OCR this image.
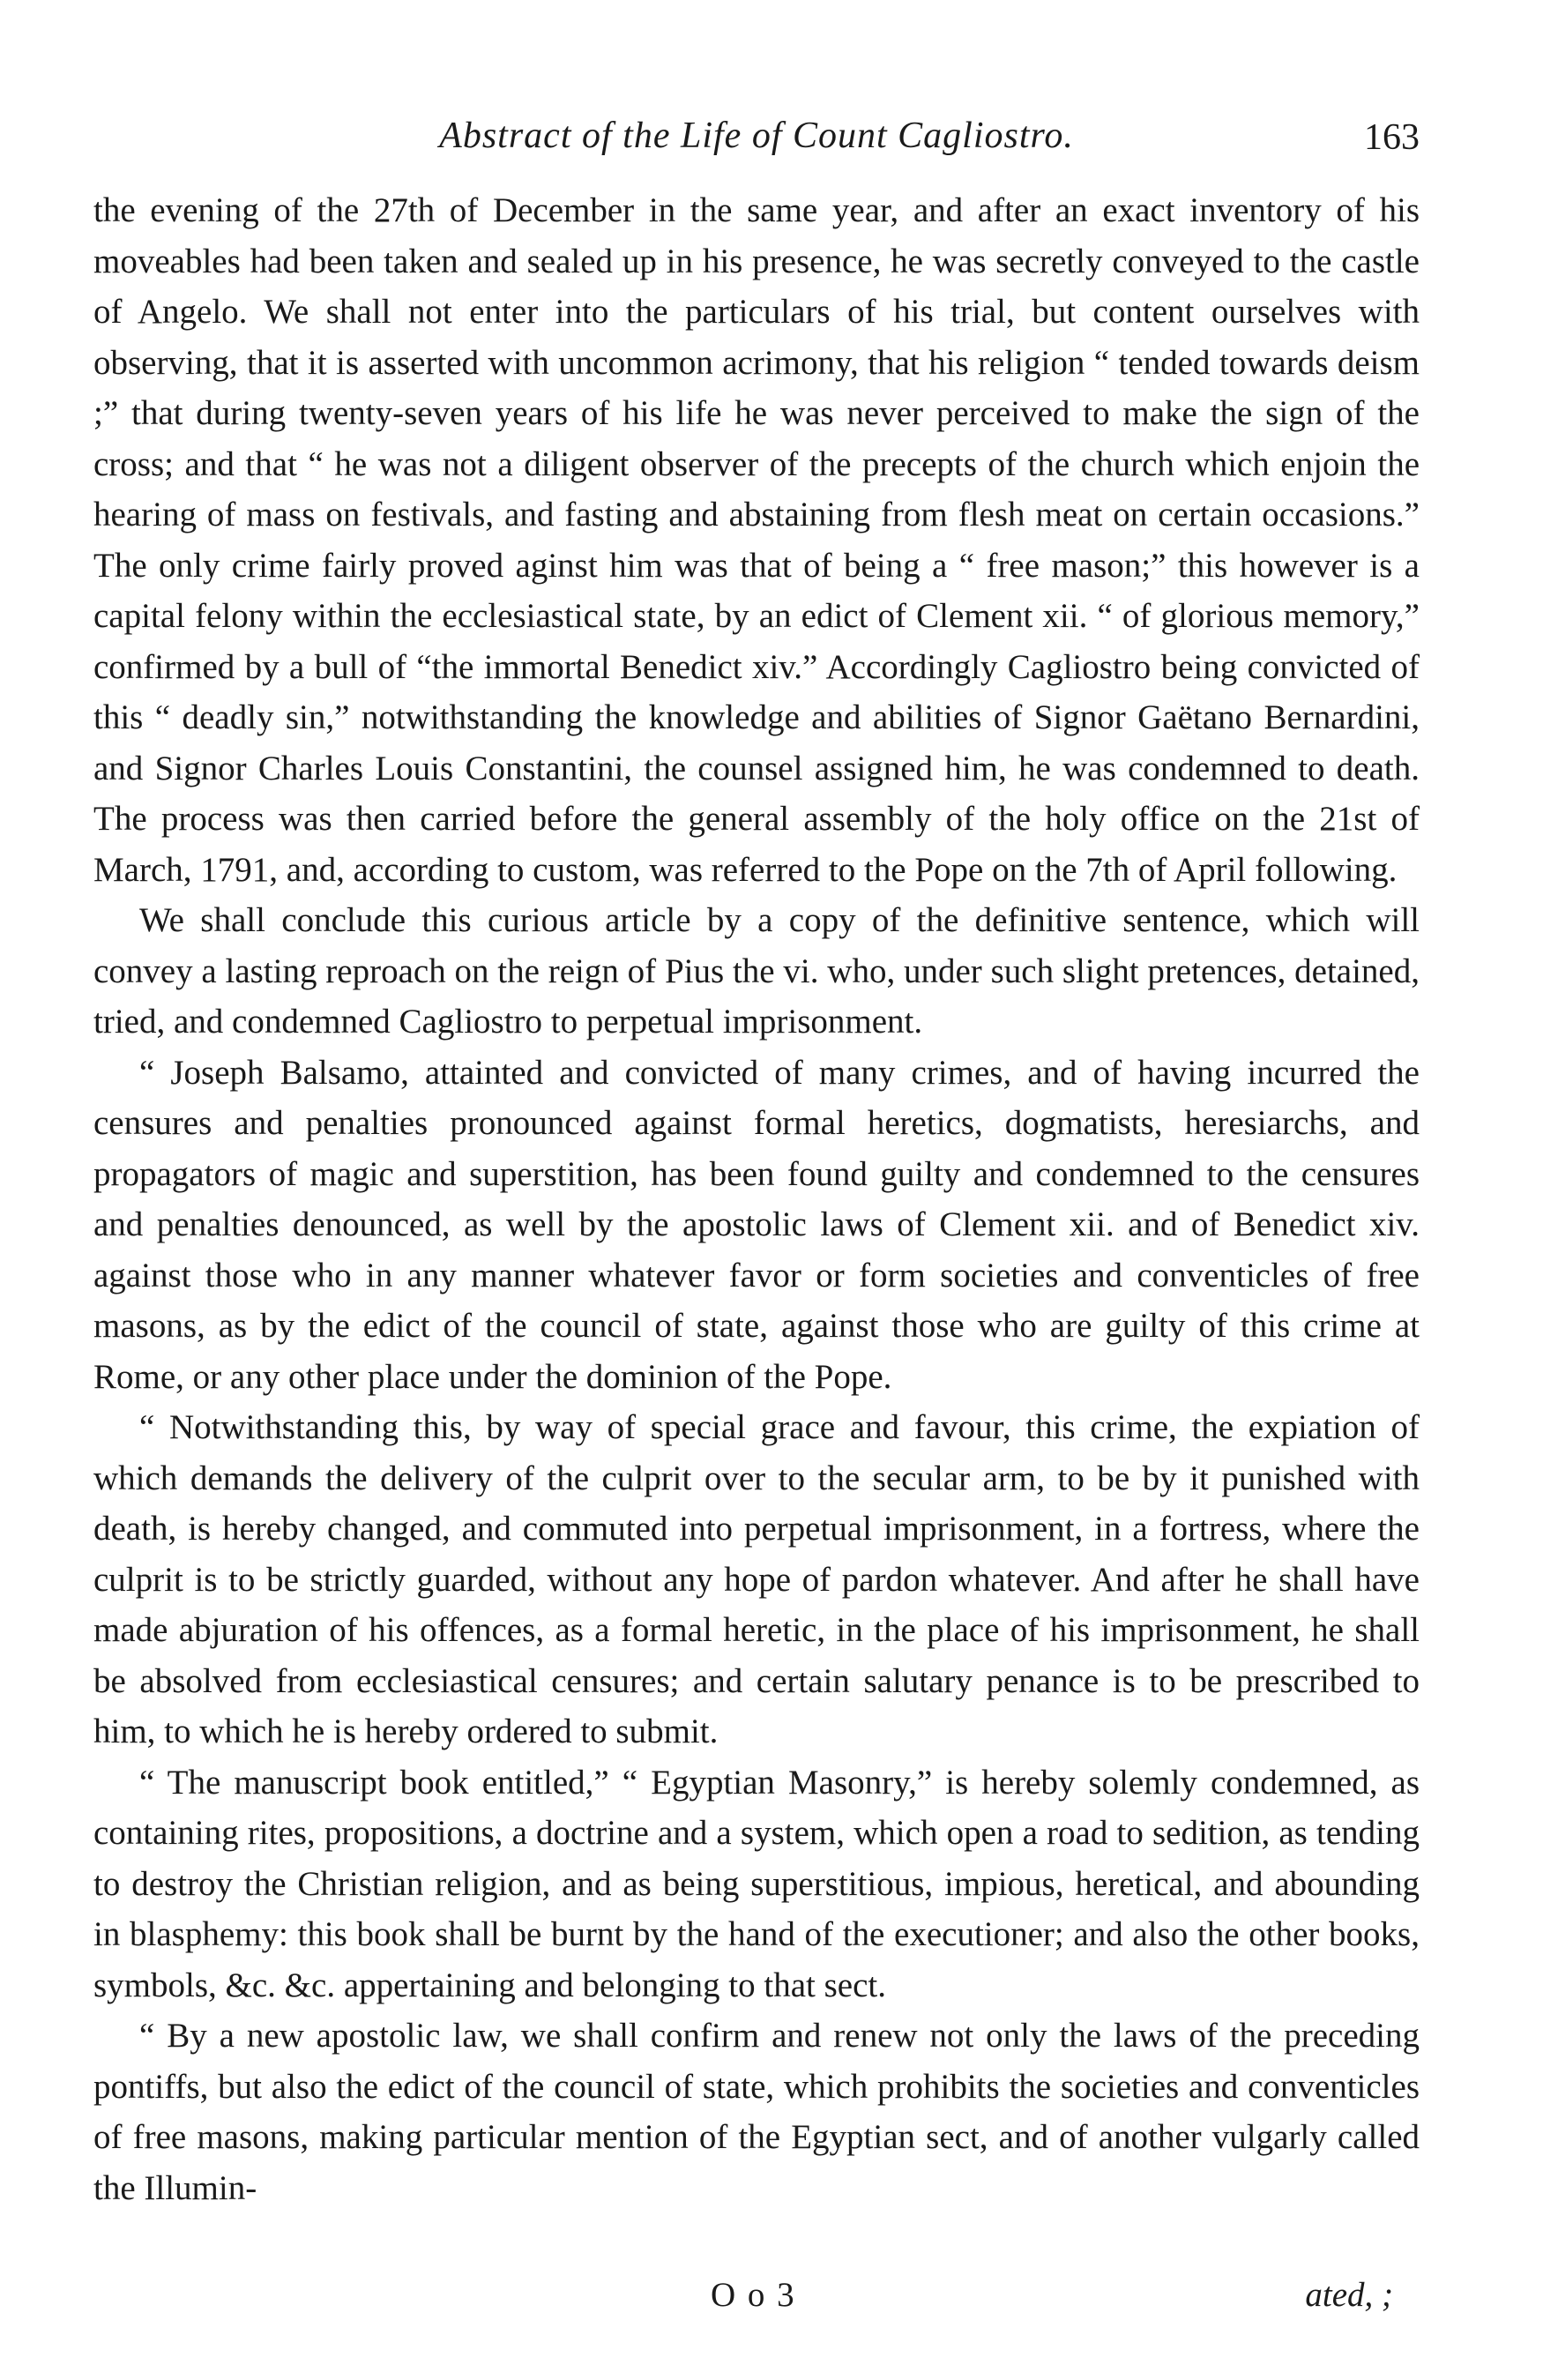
Abstract of the Life of Count Cagliostro.	163

the evening of the 27th of December in the same year, and after an exact inventory of his moveables had been taken and sealed up in his presence, he was secretly conveyed to the castle of Angelo. We shall not enter into the particulars of his trial, but content ourselves with observing, that it is asserted with uncommon acrimony, that his religion “ tended towards deism ;” that during twenty-seven years of his life he was never perceived to make the sign of the cross; and that “ he was not a diligent observer of the precepts of the church which enjoin the hearing of mass on festivals, and fasting and abstaining from flesh meat on certain occasions.” The only crime fairly proved aginst him was that of being a “ free mason;” this however is a capital felony within the ecclesiastical state, by an edict of Clement xii. “ of glorious memory,” confirmed by a bull of “the immortal Benedict xiv.” Accordingly Cagliostro being convicted of this “ deadly sin,” notwithstanding the knowledge and abilities of Signor Gaëtano Bernardini, and Signor Charles Louis Constantini, the counsel assigned him, he was condemned to death. The process was then carried before the general assembly of the holy office on the 21st of March, 1791, and, according to custom, was referred to the Pope on the 7th of April following.

We shall conclude this curious article by a copy of the definitive sentence, which will convey a lasting reproach on the reign of Pius the vi. who, under such slight pretences, detained, tried, and condemned Cagliostro to perpetual imprisonment.

“ Joseph Balsamo, attainted and convicted of many crimes, and of having incurred the censures and penalties pronounced against formal heretics, dogmatists, heresiarchs, and propagators of magic and superstition, has been found guilty and condemned to the censures and penalties denounced, as well by the apostolic laws of Clement xii. and of Benedict xiv. against those who in any manner whatever favor or form societies and conventicles of free masons, as by the edict of the council of state, against those who are guilty of this crime at Rome, or any other place under the dominion of the Pope.

“ Notwithstanding this, by way of special grace and favour, this crime, the expiation of which demands the delivery of the culprit over to the secular arm, to be by it punished with death, is hereby changed, and commuted into perpetual imprisonment, in a fortress, where the culprit is to be strictly guarded, without any hope of pardon whatever. And after he shall have made abjuration of his offences, as a formal heretic, in the place of his imprisonment, he shall be absolved from ecclesiastical censures; and certain salutary penance is to be prescribed to him, to which he is hereby ordered to submit.

“ The manuscript book entitled,” “ Egyptian Masonry,” is hereby solemly condemned, as containing rites, propositions, a doctrine and a system, which open a road to sedition, as tending to destroy the Christian religion, and as being superstitious, impious, heretical, and abounding in blasphemy: this book shall be burnt by the hand of the executioner; and also the other books, symbols, &c. &c. appertaining and belonging to that sect.

“ By a new apostolic law, we shall confirm and renew not only the laws of the preceding pontiffs, but also the edict of the council of state, which prohibits the societies and conventicles of free masons, making particular mention of the Egyptian sect, and of another vulgarly called the Illumin-

O o 3	ated, ;
